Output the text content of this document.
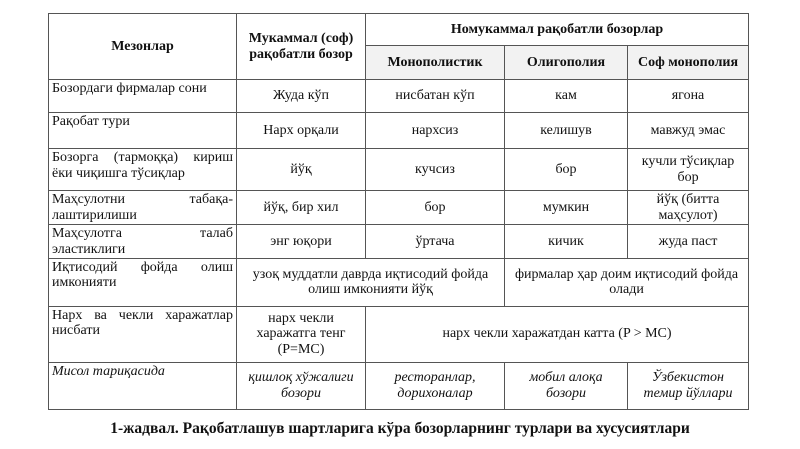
Мезонлар	Мукаммал (соф) рақобатли бозор	Номукаммал рақобатли бозорлар		
		Монополистик	Олигополия	Соф монополия
Бозордаги фирмалар сони	Жуда кўп	нисбатан кўп	кам	ягона
Рақобат тури	Нарх орқали	нархсиз	келишув	мавжуд эмас
Бозорга (тармоққа) кириш ёки чиқишга тўсиқлар	йўқ	кучсиз	бор	кучли тўсиқлар бор
Маҳсулотни табақа-лаштирилиши	йўқ, бир хил	бор	мумкин	йўқ (битта маҳсулот)
Маҳсулотга талаб эластиклиги	энг юқори	ўртача	кичик	жуда паст
Иқтисодий фойда олиш имконияти	узоқ муддатли даврда иқтисодий фойда олиш имконияти йўқ		фирмалар ҳар доим иқтисодий фойда олади	
Нарх ва чекли харажатлар нисбати	нарх чекли харажатга тенг (P=MC)	нарх чекли харажатдан катта (P > MC)		
Мисол тариқасида	қишлоқ хўжалиги бозори	ресторанлар, дорихоналар	мобил алоқа бозори	Ўзбекистон темир йўллари
1-жадвал. Рақобатлашув шартларига кўра бозорларнинг турлари ва хусусиятлари
